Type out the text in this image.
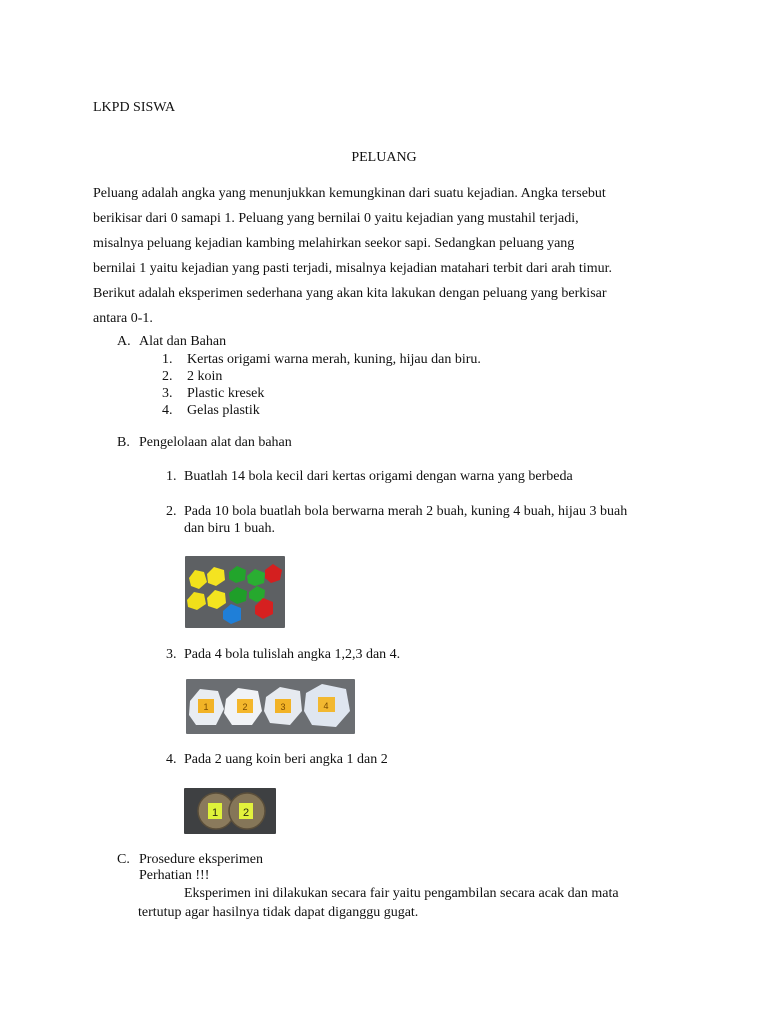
LKPD SISWA
PELUANG

Peluang adalah angka yang menunjukkan kemungkinan dari suatu kejadian. Angka tersebut

berikisar dari 0 samapi 1. Peluang yang bernilai 0 yaitu kejadian yang mustahil terjadi,

misalnya peluang kejadian kambing melahirkan seekor sapi. Sedangkan peluang yang

bernilai 1 yaitu kejadian yang pasti terjadi, misalnya kejadian matahari terbit dari arah timur.

Berikut adalah eksperimen sederhana yang akan kita lakukan dengan peluang yang berkisar

antara 0-1.

A. Alat dan Bahan
1.	Kertas origami warna merah, kuning, hijau dan biru.
2.	2 koin
3.	Plastic kresek
4.	Gelas plastik
B. Pengelolaan alat dan bahan
1. Buatlah 14 bola kecil dari kertas origami dengan warna yang berbeda
2. Pada 10 bola buatlah bola berwarna merah 2 buah, kuning 4 buah, hijau 3 buah
dan biru 1 buah.
3. Pada 4 bola tulislah angka 1,2,3 dan 4.
1	2	3	4
4. Pada 2 uang koin beri angka 1 dan 2
1 2
C. Prosedure eksperimen
Perhatian !!!
Eksperimen ini dilakukan secara fair yaitu pengambilan secara acak dan mata
tertutup agar hasilnya tidak dapat diganggu gugat.
